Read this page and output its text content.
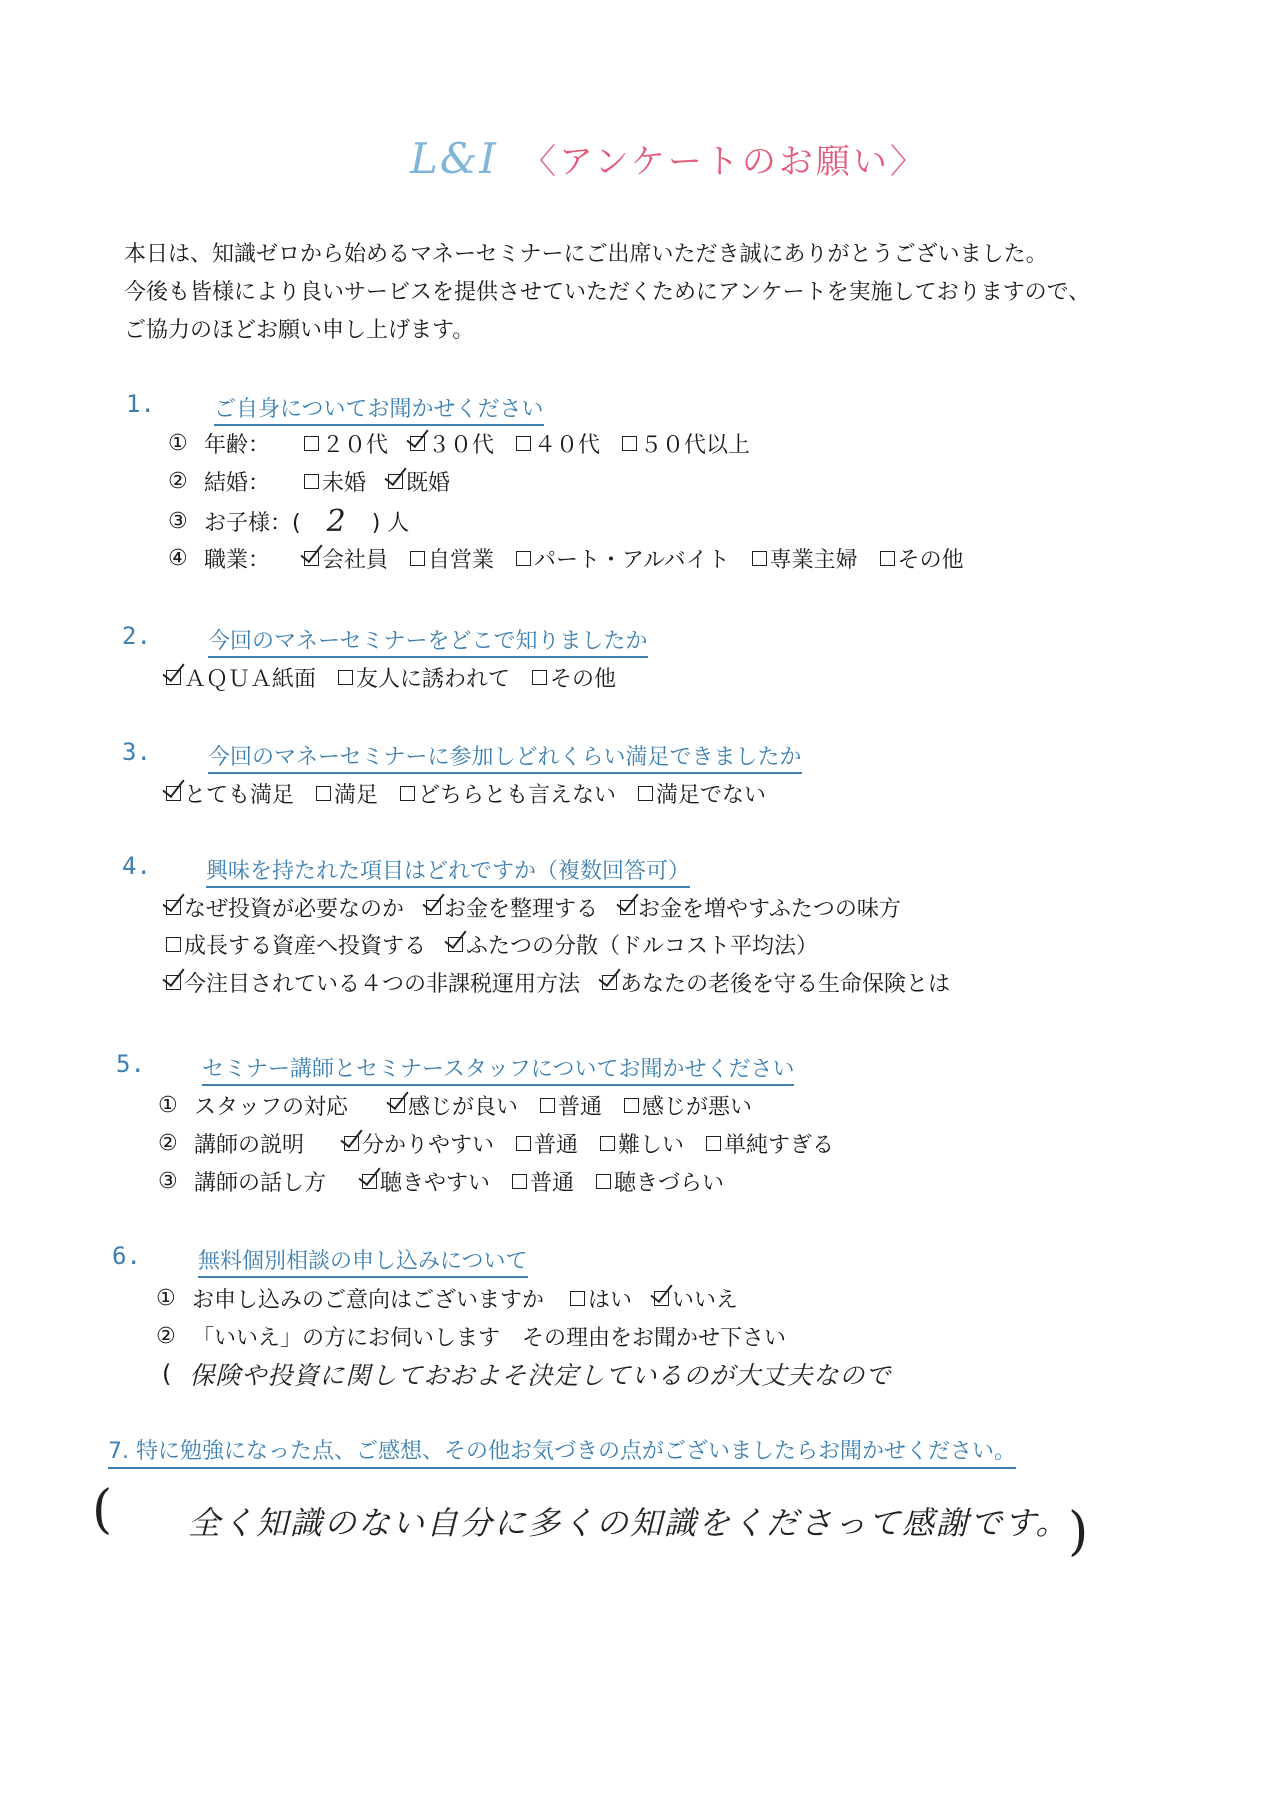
L&I 〈アンケートのお願い〉
本日は、知識ゼロから始めるマネーセミナーにご出席いただき誠にありがとうございました。
今後も皆様により良いサービスを提供させていただくためにアンケートを実施しておりますので、
ご協力のほどお願い申し上げます。
1.	ご自身についてお聞かせください
① 年齢：	２０代 ３０代 ４０代 ５０代以上
② 結婚：	未婚 既婚
③ お子様：( 2 ) 人
④ 職業：	会社員 自営業 パート・アルバイト 専業主婦 その他
2.	今回のマネーセミナーをどこで知りましたか
ＡＱＵＡ紙面 友人に誘われて その他
3.	今回のマネーセミナーに参加しどれくらい満足できましたか
とても満足 満足 どちらとも言えない 満足でない
4.	興味を持たれた項目はどれですか（複数回答可）
なぜ投資が必要なのか お金を整理する お金を増やすふたつの味方
成長する資産へ投資する ふたつの分散（ドルコスト平均法）
今注目されている４つの非課税運用方法 あなたの老後を守る生命保険とは
5.	セミナー講師とセミナースタッフについてお聞かせください
① スタッフの対応	感じが良い 普通 感じが悪い
② 講師の説明	分かりやすい 普通 難しい 単純すぎる
③ 講師の話し方	聴きやすい 普通 聴きづらい
6.	無料個別相談の申し込みについて
① お申し込みのご意向はございますか はい いいえ
② 「いいえ」の方にお伺いします　その理由をお聞かせ下さい
( 保険や投資に関しておおよそ決定しているのが大丈夫なので
7. 特に勉強になった点、ご感想、その他お気づきの点がございましたらお聞かせください。
( 全く知識のない自分に多くの知識をくださって感謝です。
)
